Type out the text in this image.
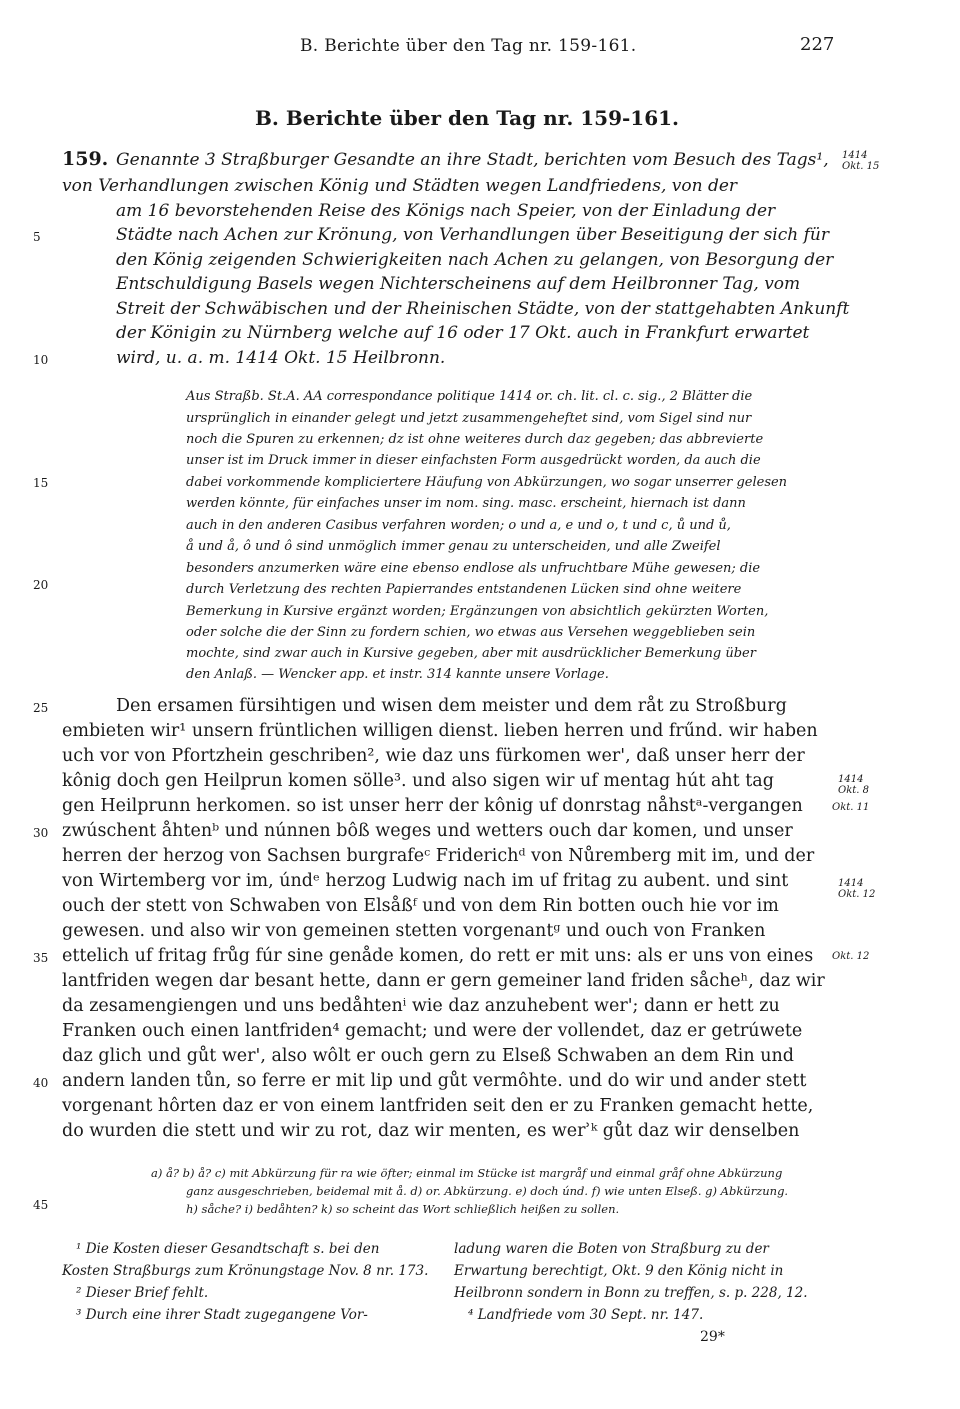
B. Berichte über den Tag nr. 159-161.	227
B. Berichte über den Tag nr. 159-161.
159. Genannte 3 Straßburger Gesandte an ihre Stadt, berichten vom Besuch des Tags¹,
von Verhandlungen zwischen König und Städten wegen Landfriedens, von der
am 16 bevorstehenden Reise des Königs nach Speier, von der Einladung der
Städte nach Achen zur Krönung, von Verhandlungen über Beseitigung der sich für
den König zeigenden Schwierigkeiten nach Achen zu gelangen, von Besorgung der
Entschuldigung Basels wegen Nichterscheinens auf dem Heilbronner Tag, vom
Streit der Schwäbischen und der Rheinischen Städte, von der stattgehabten Ankunft
der Königin zu Nürnberg welche auf 16 oder 17 Okt. auch in Frankfurt erwartet
wird, u. a. m. 1414 Okt. 15 Heilbronn.
Aus Straßb. St.A. AA correspondance politique 1414 or. ch. lit. cl. c. sig., 2 Blätter die
ursprünglich in einander gelegt und jetzt zusammengeheftet sind, vom Sigel sind nur
noch die Spuren zu erkennen; dz ist ohne weiteres durch daz gegeben; das abbrevierte
unser ist im Druck immer in dieser einfachsten Form ausgedrückt worden, da auch die
dabei vorkommende kompliciertere Häufung von Abkürzungen, wo sogar unserrer gelesen
werden könnte, für einfaches unser im nom. sing. masc. erscheint, hiernach ist dann
auch in den anderen Casibus verfahren worden; o und a, e und o, t und c, ů und ů,
å und å, ô und ô sind unmöglich immer genau zu unterscheiden, und alle Zweifel
besonders anzumerken wäre eine ebenso endlose als unfruchtbare Mühe gewesen; die
durch Verletzung des rechten Papierrandes entstandenen Lücken sind ohne weitere
Bemerkung in Kursive ergänzt worden; Ergänzungen von absichtlich gekürzten Worten,
oder solche die der Sinn zu fordern schien, wo etwas aus Versehen weggeblieben sein
mochte, sind zwar auch in Kursive gegeben, aber mit ausdrücklicher Bemerkung über
den Anlaß. — Wencker app. et instr. 314 kannte unsere Vorlage.
Den ersamen fürsihtigen und wisen dem meister und dem råt zu Stroßburg
embieten wir¹ unsern früntlichen willigen dienst. lieben herren und frűnd. wir haben
uch vor von Pfortzhein geschriben², wie daz uns fürkomen wer', daß unser herr der
kônig doch gen Heilprun komen sölle³. und also sigen wir uf mentag hút aht tag
gen Heilprunn herkomen. so ist unser herr der kônig uf donrstag nåhstᵃ-vergangen
zwúschent åhtenᵇ und núnnen bôß weges und wetters ouch dar komen, und unser
herren der herzog von Sachsen burgrafeᶜ Friderichᵈ von Nůremberg mit im, und der
von Wirtemberg vor im, úndᵉ herzog Ludwig nach im uf fritag zu aubent. und sint
ouch der stett von Schwaben von Elsåßᶠ und von dem Rin botten ouch hie vor im
gewesen. und also wir von gemeinen stetten vorgenantᵍ und ouch von Franken
ettelich uf fritag frůg fúr sine genåde komen, do rett er mit uns: als er uns von eines
lantfriden wegen dar besant hette, dann er gern gemeiner land friden såcheʰ, daz wir
da zesamengiengen und uns bedåhtenⁱ wie daz anzuhebent wer'; dann er hett zu
Franken ouch einen lantfriden⁴ gemacht; und were der vollendet, daz er getrúwete
daz glich und gůt wer', also wôlt er ouch gern zu Elseß Schwaben an dem Rin und
andern landen tůn, so ferre er mit lip und gůt vermôhte. und do wir und ander stett
vorgenant hôrten daz er von einem lantfriden seit den er zu Franken gemacht hette,
do wurden die stett und wir zu rot, daz wir menten, es werʾᵏ gůt daz wir denselben
a) å? b) å? c) mit Abkürzung für ra wie öfter; einmal im Stücke ist margråf und einmal gråf ohne Abkürzung
ganz ausgeschrieben, beidemal mit å. d) or. Abkürzung. e) doch únd. f) wie unten Elseß. g) Abkürzung.
h) såche? i) bedåhten? k) so scheint das Wort schließlich heißen zu sollen.
¹ Die Kosten dieser Gesandtschaft s. bei den
Kosten Straßburgs zum Krönungstage Nov. 8 nr. 173.
² Dieser Brief fehlt.
³ Durch eine ihrer Stadt zugegangene Vor-
ladung waren die Boten von Straßburg zu der
Erwartung berechtigt, Okt. 9 den König nicht in
Heilbronn sondern in Bonn zu treffen, s. p. 228, 12.
⁴ Landfriede vom 30 Sept. nr. 147.
29*
5
10
15
20
25
30
35
40
45
1414
Okt. 15
1414
Okt. 8
Okt. 11
1414
Okt. 12
Okt. 12
